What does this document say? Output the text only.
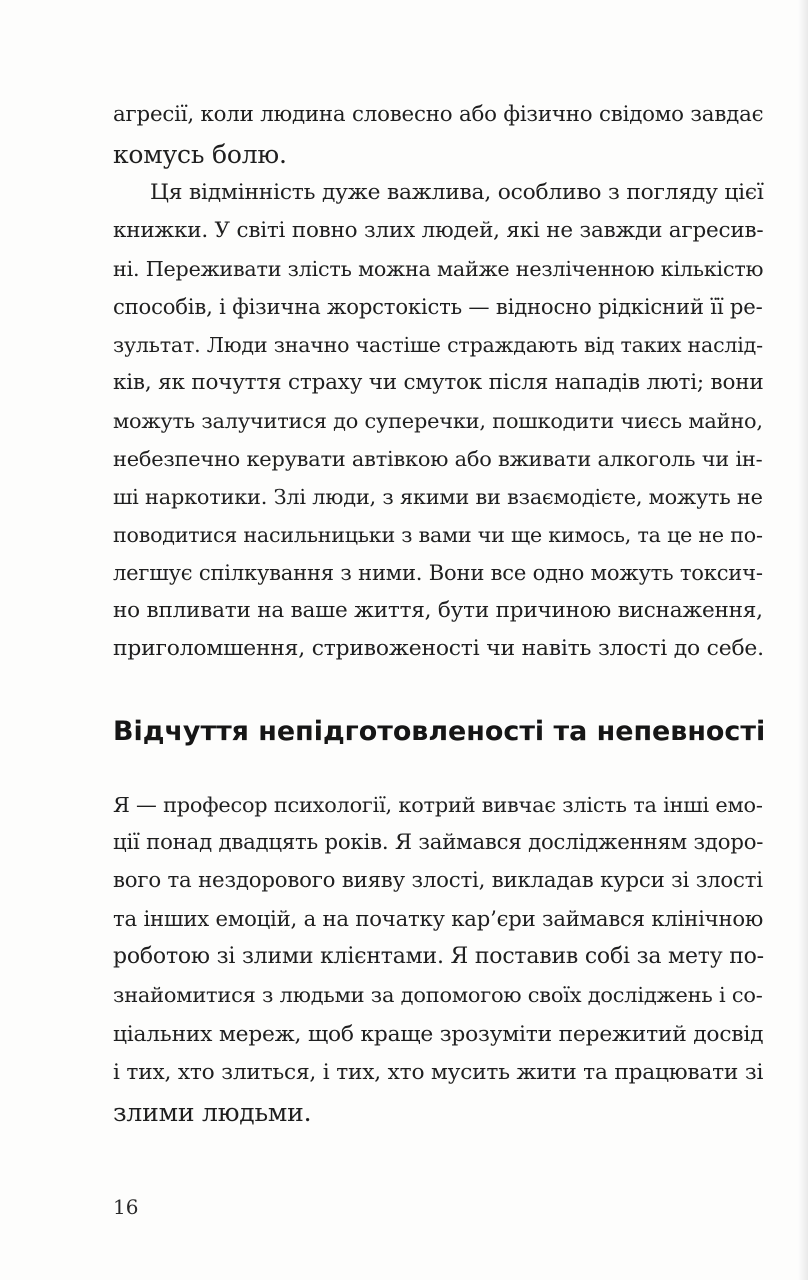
агресії, коли людина словесно або фізично свідомо завдає
комусь болю.
Ця відмінність дуже важлива, особливо з погляду цієї
книжки. У світі повно злих людей, які не завжди агресив-
ні. Переживати злість можна майже незліченною кількістю
способів, і фізична жорстокість — відносно рідкісний її ре-
зультат. Люди значно частіше страждають від таких наслід-
ків, як почуття страху чи смуток після нападів люті; вони
можуть залучитися до суперечки, пошкодити чиєсь майно,
небезпечно керувати автівкою або вживати алкоголь чи ін-
ші наркотики. Злі люди, з якими ви взаємодієте, можуть не
поводитися насильницьки з вами чи ще кимось, та це не по-
легшує спілкування з ними. Вони все одно можуть токсич-
но впливати на ваше життя, бути причиною виснаження,
приголомшення, стривоженості чи навіть злості до себе.
Відчуття непідготовленості та непевності
Я — професор психології, котрий вивчає злість та інші емо-
ції понад двадцять років. Я займався дослідженням здоро-
вого та нездорового вияву злості, викладав курси зі злості
та інших емоцій, а на початку кар’єри займався клінічною
роботою зі злими клієнтами. Я поставив собі за мету по-
знайомитися з людьми за допомогою своїх досліджень і со-
ціальних мереж, щоб краще зрозуміти пережитий досвід
і тих, хто злиться, і тих, хто мусить жити та працювати зі
злими людьми.
16
